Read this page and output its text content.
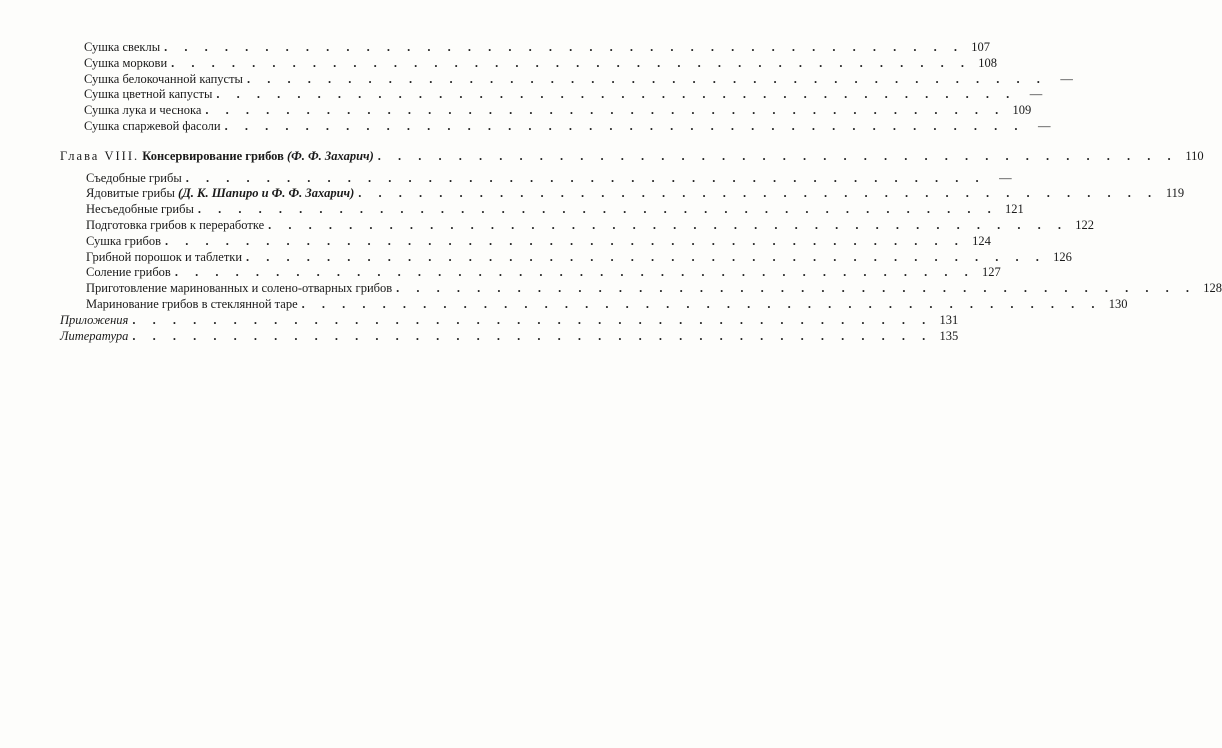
Сушка свеклы . . . . . . . . . . . . . . . . . . . . . . . . . . . . . . . . . . . . . . . . 107
Сушка моркови . . . . . . . . . . . . . . . . . . . . . . . . . . . . . . . . . . . . . . . . 108
Сушка белокочанной капусты . . . . . . . . . . . . . . . . . . . . . . . . . . . . . . . . . . . . . . . .	—
Сушка цветной капусты . . . . . . . . . . . . . . . . . . . . . . . . . . . . . . . . . . . . . . . .	—
Сушка лука и чеснока . . . . . . . . . . . . . . . . . . . . . . . . . . . . . . . . . . . . . . . . 109
Сушка спаржевой фасоли . . . . . . . . . . . . . . . . . . . . . . . . . . . . . . . . . . . . . . . .	—
Глава VIII. Консервирование грибов (Ф. Ф. Захарич) . . . . . . . . . . . . . . . . . . . . . . . . . . . . . . . . . . . . . . . . 110
Съедобные грибы . . . . . . . . . . . . . . . . . . . . . . . . . . . . . . . . . . . . . . . .	—
Ядовитые грибы (Д. К. Шапиро и Ф. Ф. Захарич) . . . . . . . . . . . . . . . . . . . . . . . . . . . . . . . . . . . . . . . . 119
Несъедобные грибы . . . . . . . . . . . . . . . . . . . . . . . . . . . . . . . . . . . . . . . . 121
Подготовка грибов к переработке . . . . . . . . . . . . . . . . . . . . . . . . . . . . . . . . . . . . . . . . 122
Сушка грибов . . . . . . . . . . . . . . . . . . . . . . . . . . . . . . . . . . . . . . . . 124
Грибной порошок и таблетки . . . . . . . . . . . . . . . . . . . . . . . . . . . . . . . . . . . . . . . . 126
Соление грибов . . . . . . . . . . . . . . . . . . . . . . . . . . . . . . . . . . . . . . . . 127
Приготовление маринованных и солено-отварных грибов . . . . . . . . . . . . . . . . . . . . . . . . . . . . . . . . . . . . . . . . 128
Маринование грибов в стеклянной таре . . . . . . . . . . . . . . . . . . . . . . . . . . . . . . . . . . . . . . . . 130
Приложения . . . . . . . . . . . . . . . . . . . . . . . . . . . . . . . . . . . . . . . . 131
Литература . . . . . . . . . . . . . . . . . . . . . . . . . . . . . . . . . . . . . . . . 135
